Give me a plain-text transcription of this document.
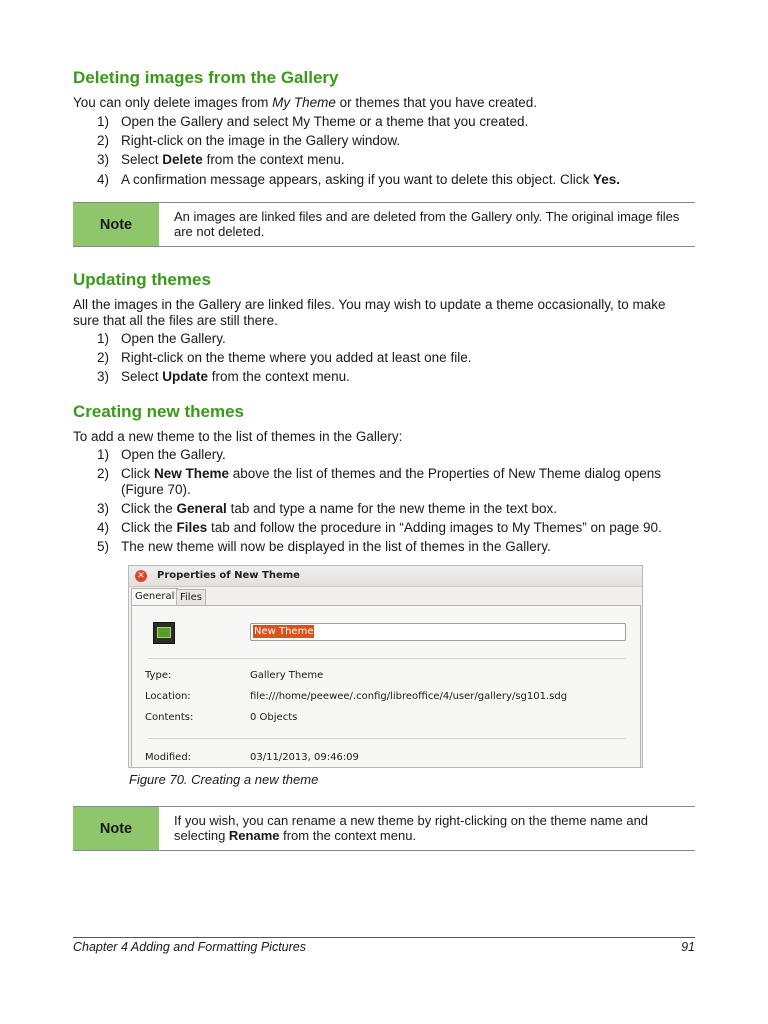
Deleting images from the Gallery
You can only delete images from My Theme or themes that you have created.
1) Open the Gallery and select My Theme or a theme that you created.
2) Right-click on the image in the Gallery window.
3) Select Delete from the context menu.
4) A confirmation message appears, asking if you want to delete this object. Click Yes.
Note	An images are linked files and are deleted from the Gallery only. The original image files are not deleted.
Updating themes
All the images in the Gallery are linked files. You may wish to update a theme occasionally, to make sure that all the files are still there.
1) Open the Gallery.
2) Right-click on the theme where you added at least one file.
3) Select Update from the context menu.
Creating new themes
To add a new theme to the list of themes in the Gallery:
1) Open the Gallery.
2) Click New Theme above the list of themes and the Properties of New Theme dialog opens (Figure 70).
3) Click the General tab and type a name for the new theme in the text box.
4) Click the Files tab and follow the procedure in “Adding images to My Themes” on page 90.
5) The new theme will now be displayed in the list of themes in the Gallery.
Figure 70. Creating a new theme
Note	If you wish, you can rename a new theme by right-clicking on the theme name and selecting Rename from the context menu.
Chapter 4 Adding and Formatting Pictures	91
✕ Properties of New Theme
General Files
New Theme
Type:	Gallery Theme
Location:	file:///home/peewee/.config/libreoffice/4/user/gallery/sg101.sdg
Contents:	0 Objects
Modified:	03/11/2013, 09:46:09
